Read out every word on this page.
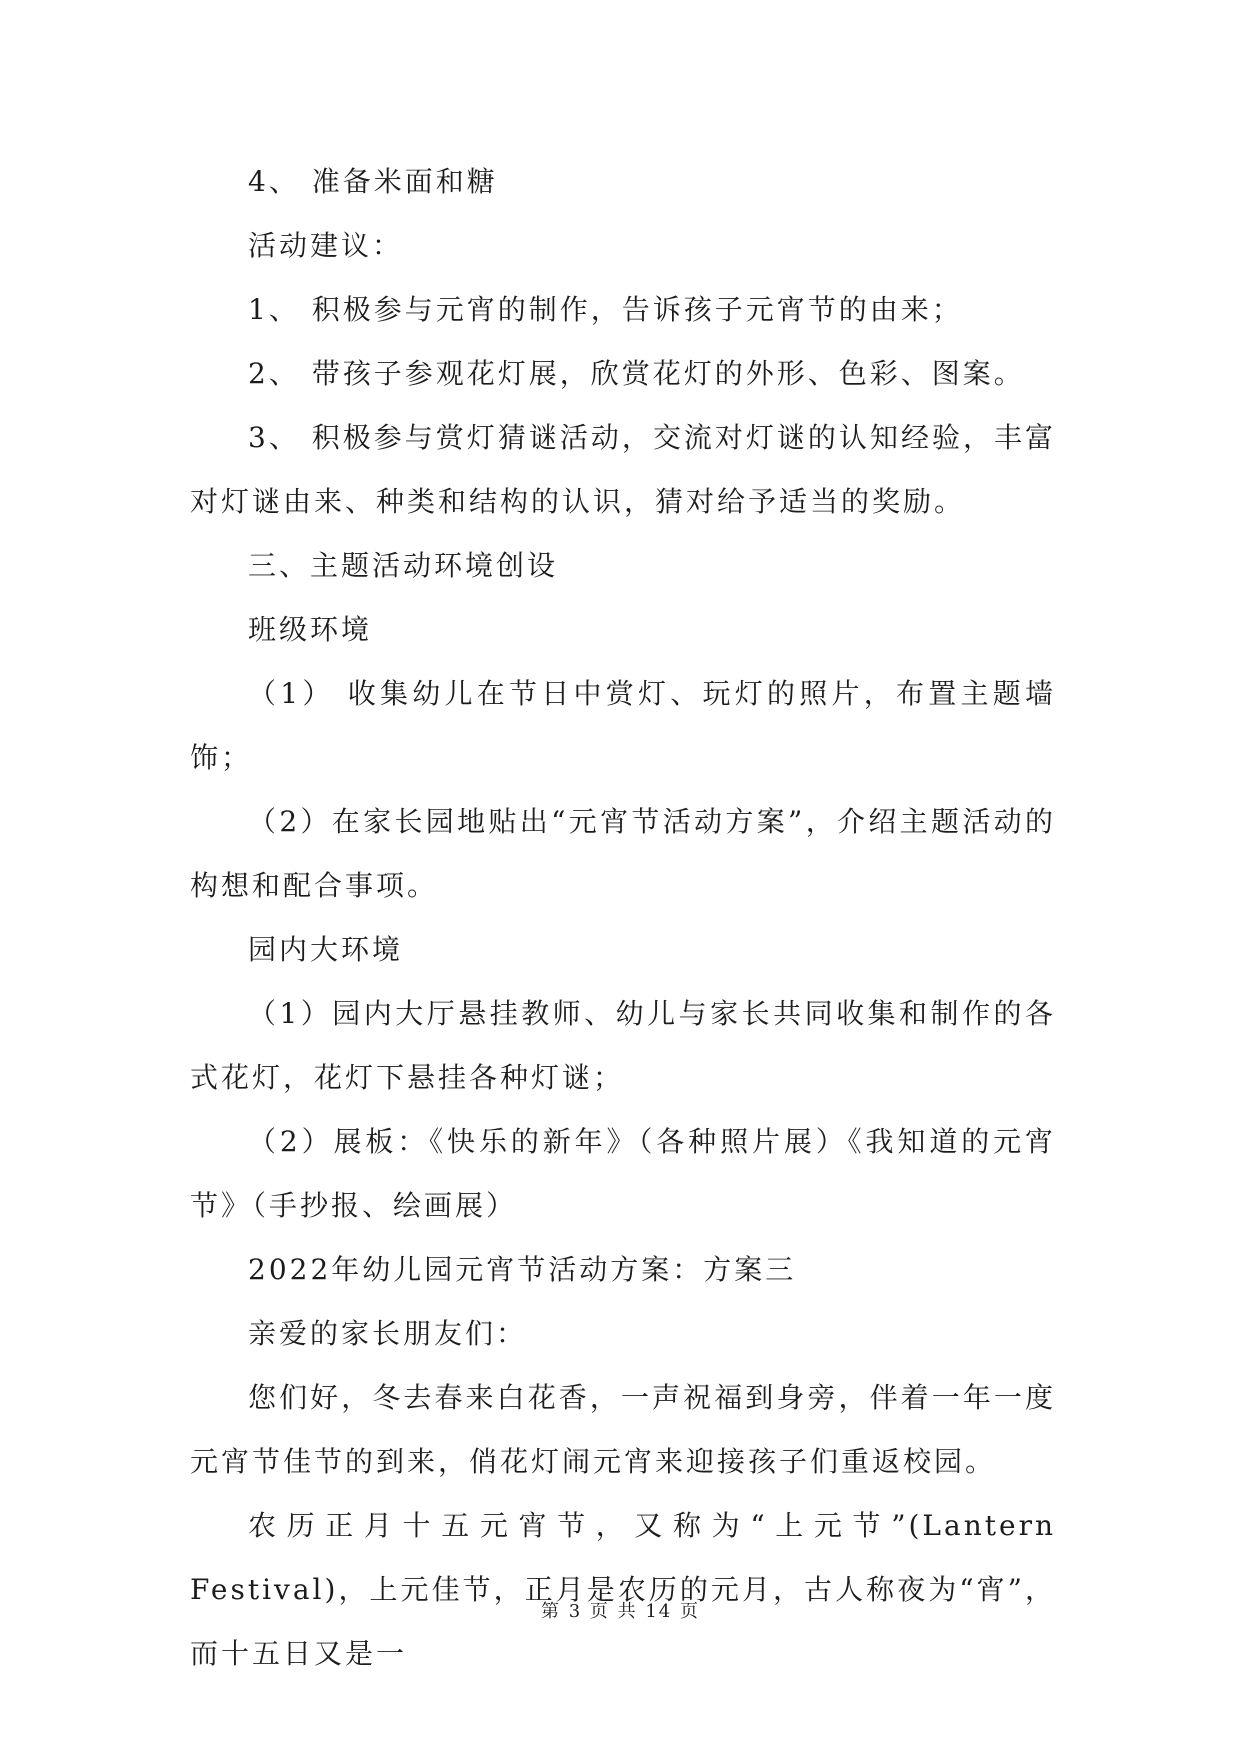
4、 准备米面和糖

活动建议：

1、 积极参与元宵的制作，告诉孩子元宵节的由来；

2、 带孩子参观花灯展，欣赏花灯的外形、色彩、图案。

3、 积极参与赏灯猜谜活动，交流对灯谜的认知经验，丰富对灯谜由来、种类和结构的认识，猜对给予适当的奖励。

三、主题活动环境创设

班级环境

（1） 收集幼儿在节日中赏灯、玩灯的照片，布置主题墙饰；

（2）在家长园地贴出“元宵节活动方案”，介绍主题活动的构想和配合事项。

园内大环境

（1）园内大厅悬挂教师、幼儿与家长共同收集和制作的各式花灯，花灯下悬挂各种灯谜；

（2）展板：《快乐的新年》（各种照片展）《我知道的元宵节》（手抄报、绘画展）

2022年幼儿园元宵节活动方案：方案三

亲爱的家长朋友们：

您们好，冬去春来白花香，一声祝福到身旁，伴着一年一度元宵节佳节的到来，俏花灯闹元宵来迎接孩子们重返校园。

农历正月十五元宵节，又称为“上元节”(Lantern Festival)，上元佳节，正月是农历的元月，古人称夜为“宵”，而十五日又是一

第 3 页 共 14 页
